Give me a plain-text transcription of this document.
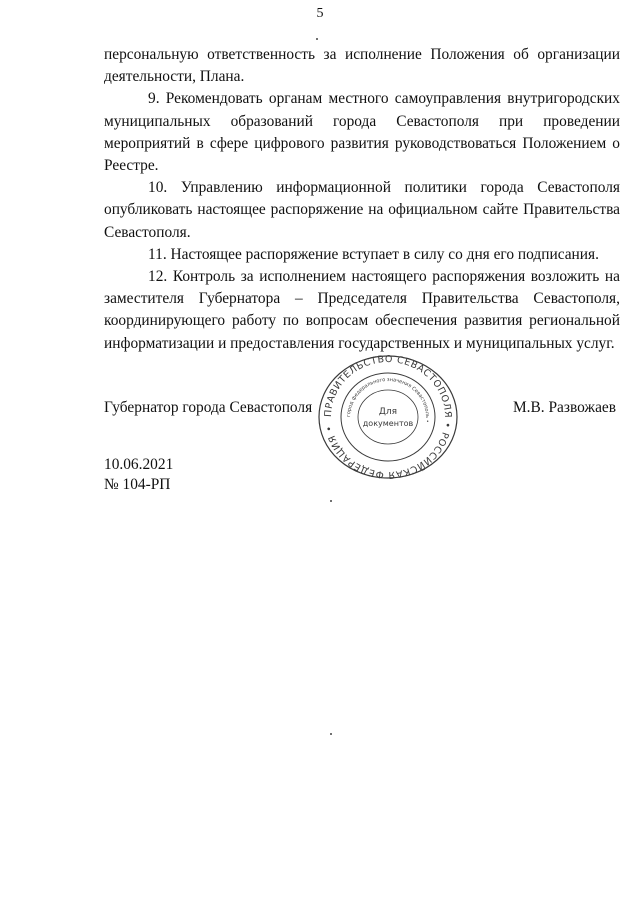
5

персональную ответственность за исполнение Положения об организации деятельности, Плана.

9. Рекомендовать органам местного самоуправления внутригородских муниципальных образований города Севастополя при проведении мероприятий в сфере цифрового развития руководствоваться Положением о Реестре.

10. Управлению информационной политики города Севастополя опубликовать настоящее распоряжение на официальном сайте Правительства Севастополя.

11. Настоящее распоряжение вступает в силу со дня его подписания.

12. Контроль за исполнением настоящего распоряжения возложить на заместителя Губернатора – Председателя Правительства Севастополя, координирующего работу по вопросам обеспечения развития региональной информатизации и предоставления государственных и муниципальных услуг.

Губернатор города Севастополя	М.В. Развожаев
ПРАВИТЕЛЬСТВО СЕВАСТОПОЛЯ • РОССИЙСКАЯ ФЕДЕРАЦИЯ •
город федерального значения Севастополь •
Для
документов
10.06.2021
№ 104-РП
